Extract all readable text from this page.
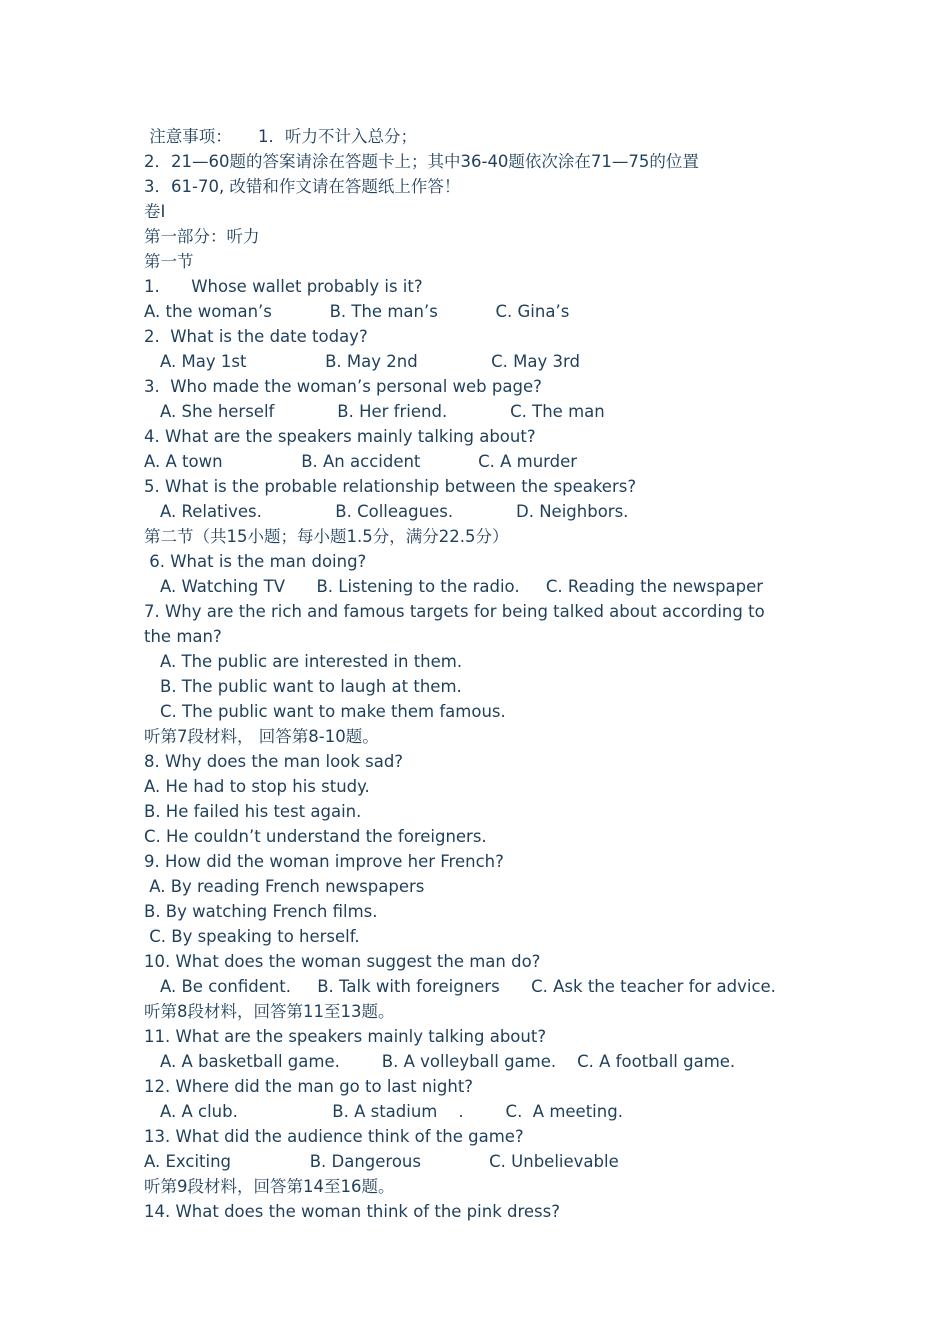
注意事项：     1．听力不计入总分；
2．21—60题的答案请涂在答题卡上；其中36-40题依次涂在71—75的位置
3．61-70, 改错和作文请在答题纸上作答！
卷Ⅰ
第一部分：听力
第一节
1.      Whose wallet probably is it?
A. the woman’s           B. The man’s           C. Gina’s
2.  What is the date today?
A. May 1st               B. May 2nd              C. May 3rd
3.  Who made the woman’s personal web page?
A. She herself            B. Her friend.            C. The man
4. What are the speakers mainly talking about?
A. A town               B. An accident           C. A murder
5. What is the probable relationship between the speakers?
A. Relatives.              B. Colleagues.            D. Neighbors.
第二节（共15小题；每小题1.5分，满分22.5分）
6. What is the man doing?
A. Watching TV      B. Listening to the radio.     C. Reading the newspaper
7. Why are the rich and famous targets for being talked about according to
the man?
A. The public are interested in them.
B. The public want to laugh at them.
C. The public want to make them famous.
听第7段材料， 回答第8-10题。
8. Why does the man look sad?
A. He had to stop his study.
B. He failed his test again.
C. He couldn’t understand the foreigners.
9. How did the woman improve her French?
A. By reading French newspapers
B. By watching French films.
C. By speaking to herself.
10. What does the woman suggest the man do?
A. Be confident.     B. Talk with foreigners      C. Ask the teacher for advice.
听第8段材料，回答第11至13题。
11. What are the speakers mainly talking about?
A. A basketball game.        B. A volleyball game.    C. A football game.
12. Where did the man go to last night?
A. A club.                  B. A stadium    .        C.  A meeting.
13. What did the audience think of the game?
A. Exciting               B. Dangerous             C. Unbelievable
听第9段材料，回答第14至16题。
14. What does the woman think of the pink dress?
